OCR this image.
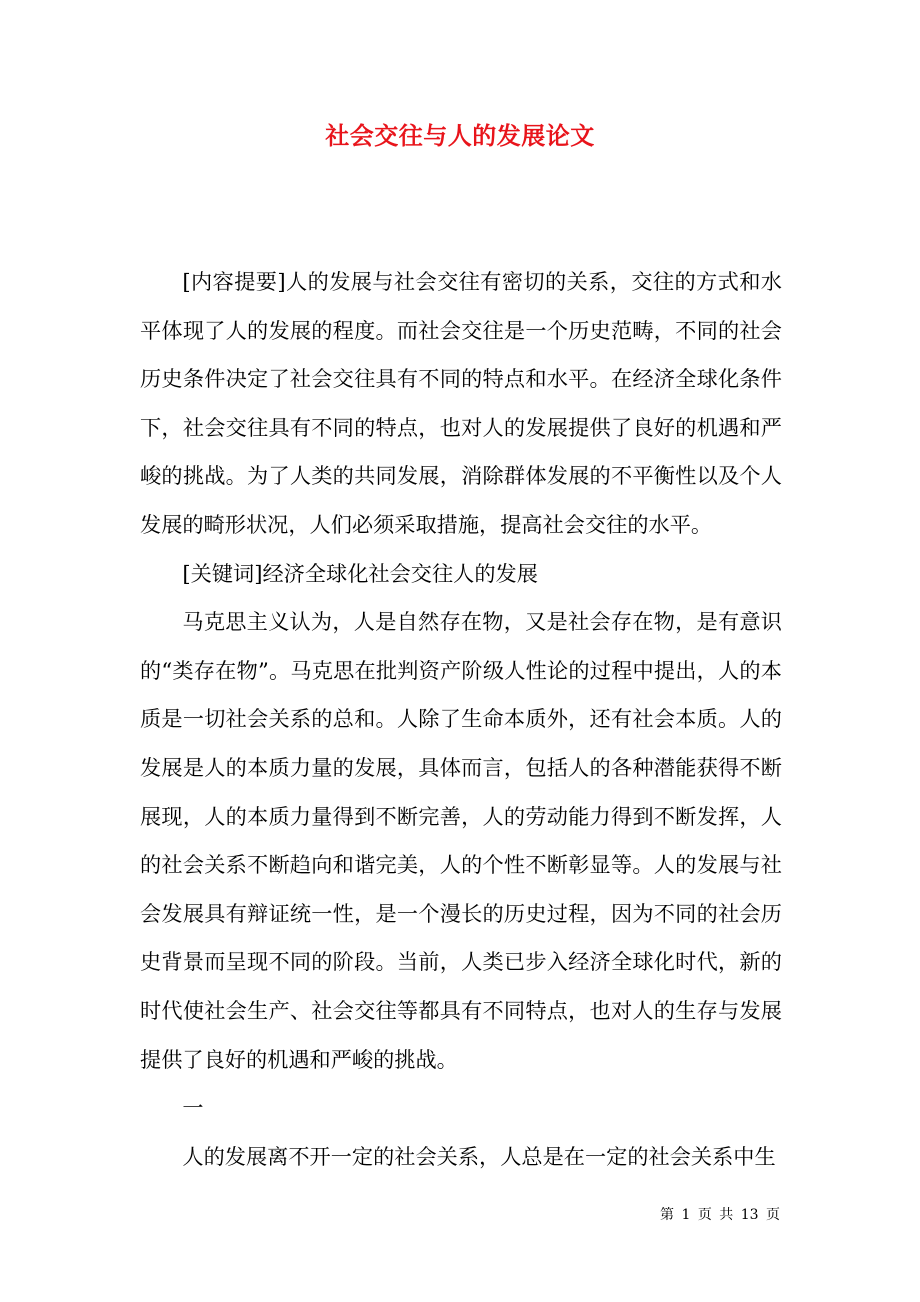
社会交往与人的发展论文

[内容提要]人的发展与社会交往有密切的关系，交往的方式和水平体现了人的发展的程度。而社会交往是一个历史范畴，不同的社会历史条件决定了社会交往具有不同的特点和水平。在经济全球化条件下，社会交往具有不同的特点，也对人的发展提供了良好的机遇和严峻的挑战。为了人类的共同发展，消除群体发展的不平衡性以及个人发展的畸形状况，人们必须采取措施，提高社会交往的水平。

[关键词]经济全球化社会交往人的发展

马克思主义认为，人是自然存在物，又是社会存在物，是有意识的“类存在物”。马克思在批判资产阶级人性论的过程中提出，人的本质是一切社会关系的总和。人除了生命本质外，还有社会本质。人的发展是人的本质力量的发展，具体而言，包括人的各种潜能获得不断展现，人的本质力量得到不断完善，人的劳动能力得到不断发挥，人的社会关系不断趋向和谐完美，人的个性不断彰显等。人的发展与社会发展具有辩证统一性，是一个漫长的历史过程，因为不同的社会历史背景而呈现不同的阶段。当前，人类已步入经济全球化时代，新的时代使社会生产、社会交往等都具有不同特点，也对人的生存与发展提供了良好的机遇和严峻的挑战。

一

人的发展离不开一定的社会关系，人总是在一定的社会关系中生

第 1 页 共 13 页
